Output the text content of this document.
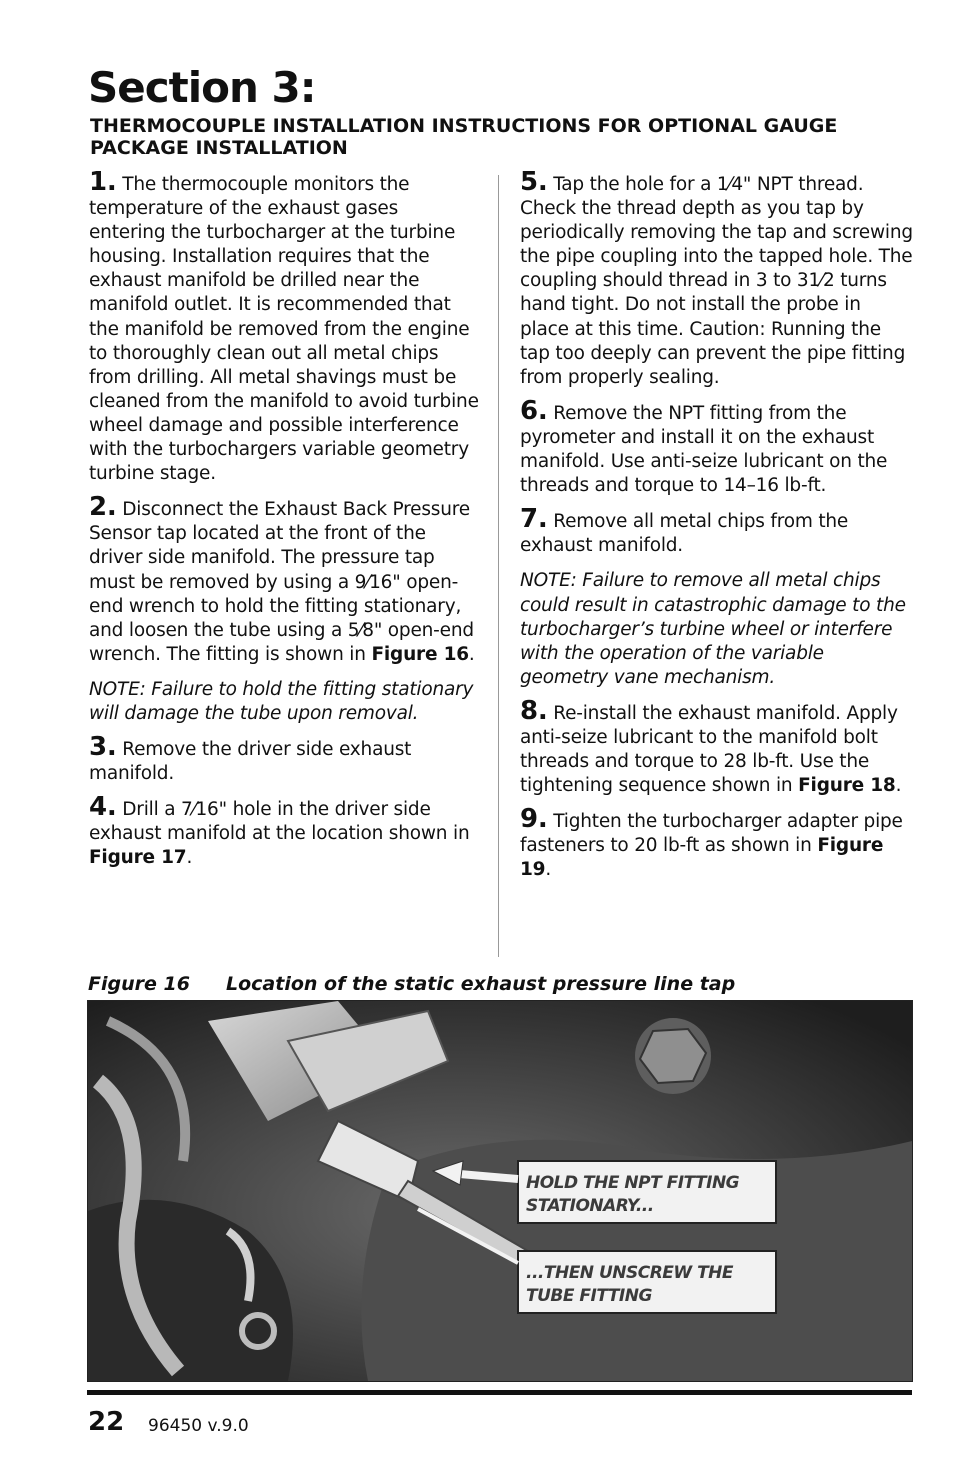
Section 3:
THERMOCOUPLE INSTALLATION INSTRUCTIONS FOR OPTIONAL GAUGE PACKAGE INSTALLATION

1. The thermocouple monitors the temperature of the exhaust gases entering the turbocharger at the turbine housing. Installation requires that the exhaust manifold be drilled near the manifold outlet. It is recommended that the manifold be removed from the engine to thoroughly clean out all metal chips from drilling. All metal shavings must be cleaned from the manifold to avoid turbine wheel damage and possible interference with the turbochargers variable geometry turbine stage.

2. Disconnect the Exhaust Back Pressure Sensor tap located at the front of the driver side manifold. The pressure tap must be removed by using a 9⁄16" open-end wrench to hold the fitting stationary, and loosen the tube using a 5⁄8" open-end wrench. The fitting is shown in Figure 16.

NOTE: Failure to hold the fitting stationary will damage the tube upon removal.

3. Remove the driver side exhaust manifold.

4. Drill a 7⁄16" hole in the driver side exhaust manifold at the location shown in Figure 17.

5. Tap the hole for a 1⁄4" NPT thread. Check the thread depth as you tap by periodically removing the tap and screwing the pipe coupling into the tapped hole. The coupling should thread in 3 to 31⁄2 turns hand tight. Do not install the probe in place at this time. Caution: Running the tap too deeply can prevent the pipe fitting from properly sealing.

6. Remove the NPT fitting from the pyrometer and install it on the exhaust manifold. Use anti-seize lubricant on the threads and torque to 14–16 lb-ft.

7. Remove all metal chips from the exhaust manifold.

NOTE: Failure to remove all metal chips could result in catastrophic damage to the turbocharger’s turbine wheel or interfere with the operation of the variable geometry vane mechanism.

8. Re-install the exhaust manifold. Apply anti-seize lubricant to the manifold bolt threads and torque to 28 lb-ft. Use the tightening sequence shown in Figure 18.

9. Tighten the turbocharger adapter pipe fasteners to 20 lb-ft as shown in Figure 19.

Figure 16 Location of the static exhaust pressure line tap
HOLD THE NPT FITTING
STATIONARY...
...THEN UNSCREW THE
TUBE FITTING
22 96450 v.9.0
